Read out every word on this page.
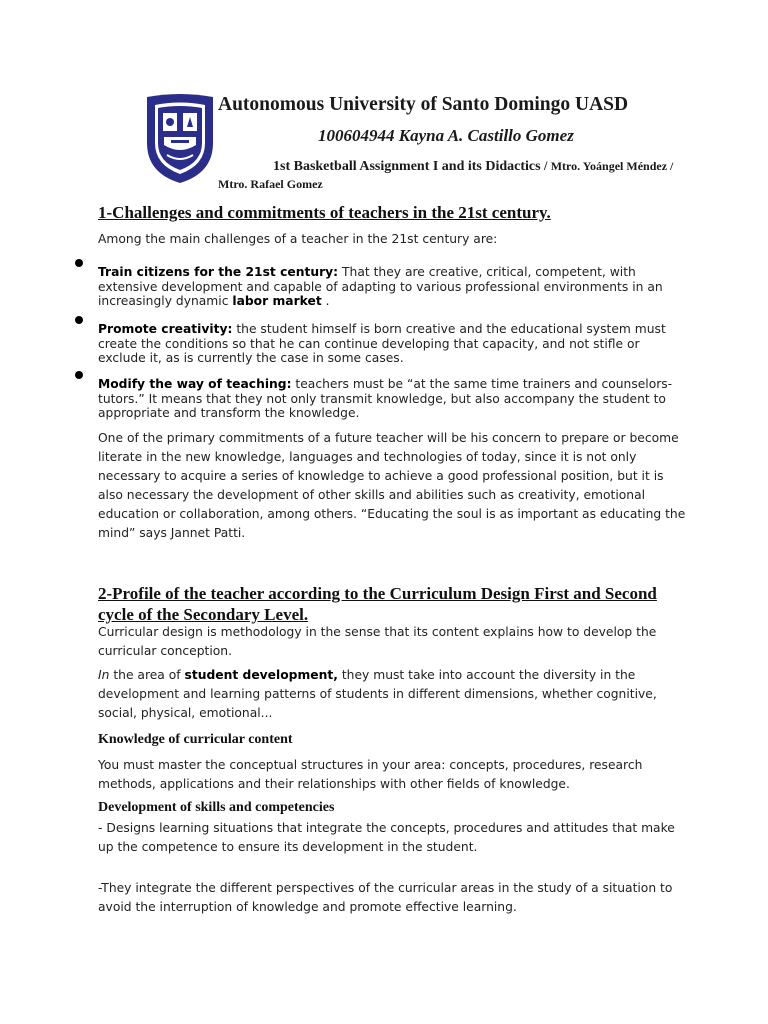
Autonomous University of Santo Domingo UASD
100604944 Kayna A. Castillo Gomez
1st Basketball Assignment I and its Didactics / Mtro. Yoángel Méndez /
Mtro. Rafael Gomez
1-Challenges and commitments of teachers in the 21st century.
Among the main challenges of a teacher in the 21st century are:
Train citizens for the 21st century: That they are creative, critical, competent, with extensive development and capable of adapting to various professional environments in an increasingly dynamic labor market .
Promote creativity: the student himself is born creative and the educational system must create the conditions so that he can continue developing that capacity, and not stifle or exclude it, as is currently the case in some cases.
Modify the way of teaching: teachers must be “at the same time trainers and counselors-tutors.” It means that they not only transmit knowledge, but also accompany the student to appropriate and transform the knowledge.
One of the primary commitments of a future teacher will be his concern to prepare or become literate in the new knowledge, languages and technologies of today, since it is not only necessary to acquire a series of knowledge to achieve a good professional position, but it is also necessary the development of other skills and abilities such as creativity, emotional education or collaboration, among others. “Educating the soul is as important as educating the mind” says Jannet Patti.
2-Profile of the teacher according to the Curriculum Design First and Second cycle of the Secondary Level.
Curricular design is methodology in the sense that its content explains how to develop the curricular conception.
In the area of student development, they must take into account the diversity in the development and learning patterns of students in different dimensions, whether cognitive, social, physical, emotional...
Knowledge of curricular content
You must master the conceptual structures in your area: concepts, procedures, research methods, applications and their relationships with other fields of knowledge.
Development of skills and competencies
- Designs learning situations that integrate the concepts, procedures and attitudes that make up the competence to ensure its development in the student.
-They integrate the different perspectives of the curricular areas in the study of a situation to avoid the interruption of knowledge and promote effective learning.
